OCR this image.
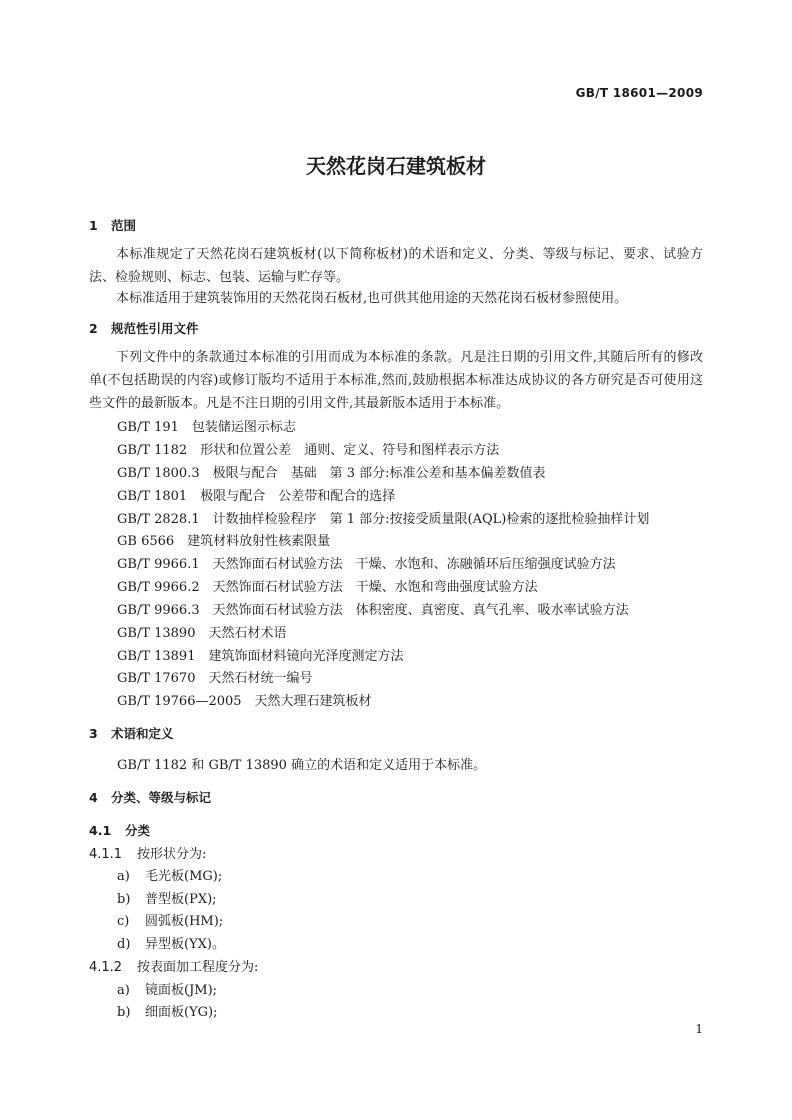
GB/T 18601—2009
天然花岗石建筑板材
1 范围
本标准规定了天然花岗石建筑板材(以下简称板材)的术语和定义、分类、等级与标记、要求、试验方法、检验规则、标志、包装、运输与贮存等。
本标准适用于建筑装饰用的天然花岗石板材,也可供其他用途的天然花岗石板材参照使用。
2 规范性引用文件
下列文件中的条款通过本标准的引用而成为本标准的条款。凡是注日期的引用文件,其随后所有的修改单(不包括勘误的内容)或修订版均不适用于本标准,然而,鼓励根据本标准达成协议的各方研究是否可使用这些文件的最新版本。凡是不注日期的引用文件,其最新版本适用于本标准。
GB/T 191　包装储运图示标志
GB/T 1182　形状和位置公差　通则、定义、符号和图样表示方法
GB/T 1800.3　极限与配合　基础　第 3 部分:标准公差和基本偏差数值表
GB/T 1801　极限与配合　公差带和配合的选择
GB/T 2828.1　计数抽样检验程序　第 1 部分:按接受质量限(AQL)检索的逐批检验抽样计划
GB 6566　建筑材料放射性核素限量
GB/T 9966.1　天然饰面石材试验方法　干燥、水饱和、冻融循环后压缩强度试验方法
GB/T 9966.2　天然饰面石材试验方法　干燥、水饱和弯曲强度试验方法
GB/T 9966.3　天然饰面石材试验方法　体积密度、真密度、真气孔率、吸水率试验方法
GB/T 13890　天然石材术语
GB/T 13891　建筑饰面材料镜向光泽度测定方法
GB/T 17670　天然石材统一编号
GB/T 19766—2005　天然大理石建筑板材
3 术语和定义
GB/T 1182 和 GB/T 13890 确立的术语和定义适用于本标准。
4 分类、等级与标记
4.1 分类
4.1.1 按形状分为:
a) 毛光板(MG);
b) 普型板(PX);
c) 圆弧板(HM);
d) 异型板(YX)。
4.1.2 按表面加工程度分为:
a) 镜面板(JM);
b) 细面板(YG);
1
